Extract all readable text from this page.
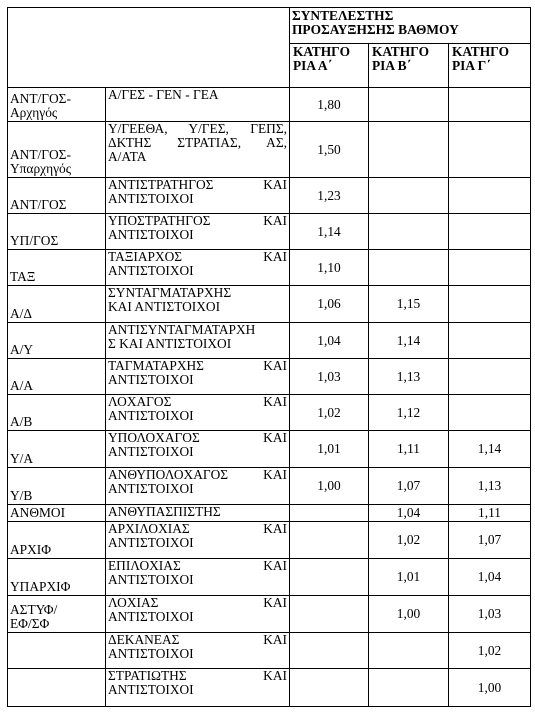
		ΣΥΝΤΕΛΕΣΤΗΣ
ΠΡΟΣΑΥΞΗΣΗΣ ΒΑΘΜΟΥ		

		ΚΑΤΗΓΟ
ΡΙΑ Α΄	ΚΑΤΗΓΟ
ΡΙΑ Β΄	ΚΑΤΗΓΟ
ΡΙΑ Γ΄

ΑΝΤ/ΓΟΣ-
Αρχηγός	Α/ΓΕΣ - ΓΕΝ - ΓΕΑ	1,80		

ΑΝΤ/ΓΟΣ-
Υπαρχηγός	Υ/ΓΕΕΘΑ, Υ/ΓΕΣ, ΓΕΠΣ,
ΔΚΤΗΣ ΣΤΡΑΤΙΑΣ, ΑΣ,
Α/ΑΤΑ	1,50		

ΑΝΤ/ΓΟΣ	ΑΝΤΙΣΤΡΑΤΗΓΟΣ ΚΑΙ
ΑΝΤΙΣΤΟΙΧΟΙ	1,23		

ΥΠ/ΓΟΣ	ΥΠΟΣΤΡΑΤΗΓΟΣ ΚΑΙ
ΑΝΤΙΣΤΟΙΧΟΙ	1,14		

ΤΑΞ	ΤΑΞΙΑΡΧΟΣ ΚΑΙ
ΑΝΤΙΣΤΟΙΧΟΙ	1,10		

Α/Δ	ΣΥΝΤΑΓΜΑΤΑΡΧΗΣ
ΚΑΙ ΑΝΤΙΣΤΟΙΧΟΙ	1,06	1,15	

Α/Υ	ΑΝΤΙΣΥΝΤΑΓΜΑΤΑΡΧΗ
Σ ΚΑΙ ΑΝΤΙΣΤΟΙΧΟΙ	1,04	1,14	

Α/Α	ΤΑΓΜΑΤΑΡΧΗΣ ΚΑΙ
ΑΝΤΙΣΤΟΙΧΟΙ	1,03	1,13	

Α/Β	ΛΟΧΑΓΟΣ ΚΑΙ
ΑΝΤΙΣΤΟΙΧΟΙ	1,02	1,12	

Υ/Α	ΥΠΟΛΟΧΑΓΟΣ ΚΑΙ
ΑΝΤΙΣΤΟΙΧΟΙ	1,01	1,11	1,14

Υ/Β	ΑΝΘΥΠΟΛΟΧΑΓΟΣ ΚΑΙ
ΑΝΤΙΣΤΟΙΧΟΙ	1,00	1,07	1,13

ΑΝΘΜΟΙ	ΑΝΘΥΠΑΣΠΙΣΤΗΣ		1,04	1,11

ΑΡΧΙΦ	ΑΡΧΙΛΟΧΙΑΣ ΚΑΙ
ΑΝΤΙΣΤΟΙΧΟΙ		1,02	1,07

ΥΠΑΡΧΙΦ	ΕΠΙΛΟΧΙΑΣ ΚΑΙ
ΑΝΤΙΣΤΟΙΧΟΙ		1,01	1,04

ΑΣΤΥΦ/
ΕΦ/ΣΦ	ΛΟΧΙΑΣ ΚΑΙ
ΑΝΤΙΣΤΟΙΧΟΙ		1,00	1,03

	ΔΕΚΑΝΕΑΣ ΚΑΙ
ΑΝΤΙΣΤΟΙΧΟΙ			1,02

	ΣΤΡΑΤΙΩΤΗΣ ΚΑΙ
ΑΝΤΙΣΤΟΙΧΟΙ			1,00
